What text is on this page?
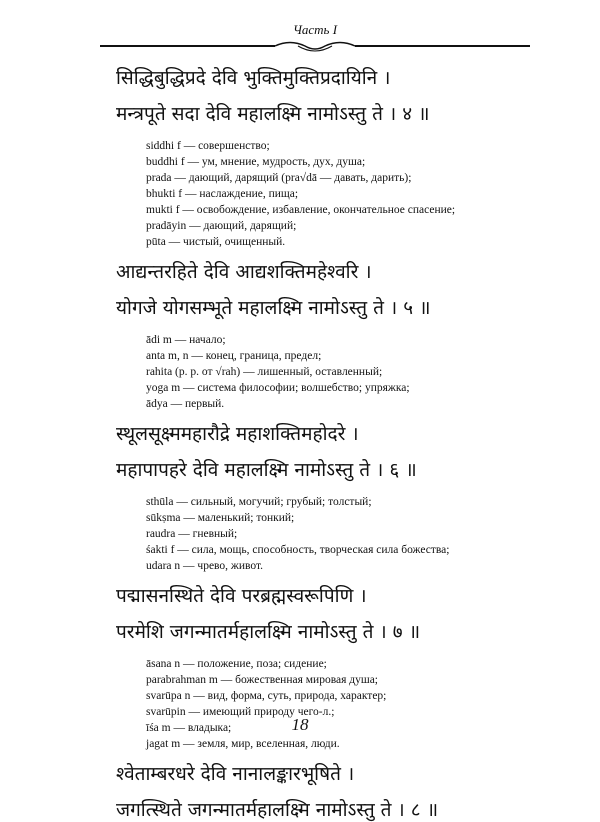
Часть I

सिद्धिबुद्धिप्रदे देवि भुक्तिमुक्तिप्रदायिनि ।

मन्त्रपूते सदा देवि महालक्ष्मि नामोऽस्तु ते । ४ ॥

siddhi f — совершенство;
buddhi f — ум, мнение, мудрость, дух, душа;
prada — дающий, дарящий (pra√dā — давать, дарить);
bhukti f — наслаждение, пища;
mukti f — освобождение, избавление, окончательное спасение;
pradāyin — дающий, дарящий;
pūta — чистый, очищенный.

आद्यन्तरहिते देवि आद्यशक्तिमहेश्वरि ।

योगजे योगसम्भूते महालक्ष्मि नामोऽस्तु ते । ५ ॥

ādi m — начало;
anta m, n — конец, граница, предел;
rahita (p. p. от √rah) — лишенный, оставленный;
yoga m — система философии; волшебство; упряжка;
ādya — первый.

स्थूलसूक्ष्ममहारौद्रे महाशक्तिमहोदरे ।

महापापहरे देवि महालक्ष्मि नामोऽस्तु ते । ६ ॥

sthūla — сильный, могучий; грубый; толстый;
sūkṣma — маленький; тонкий;
raudra — гневный;
śakti f — сила, мощь, способность, творческая сила божества;
udara n — чрево, живот.

पद्मासनस्थिते देवि परब्रह्मस्वरूपिणि ।

परमेशि जगन्मातर्महालक्ष्मि नामोऽस्तु ते । ७ ॥

āsana n — положение, поза; сидение;
parabrahman m — божественная мировая душа;
svarūpa n — вид, форма, суть, природа, характер;
svarūpin — имеющий природу чего-л.;
īśa m — владыка;
jagat m — земля, мир, вселенная, люди.

श्वेताम्बरधरे देवि नानालङ्कारभूषिते ।

जगत्स्थिते जगन्मातर्महालक्ष्मि नामोऽस्तु ते । ८ ॥

18
